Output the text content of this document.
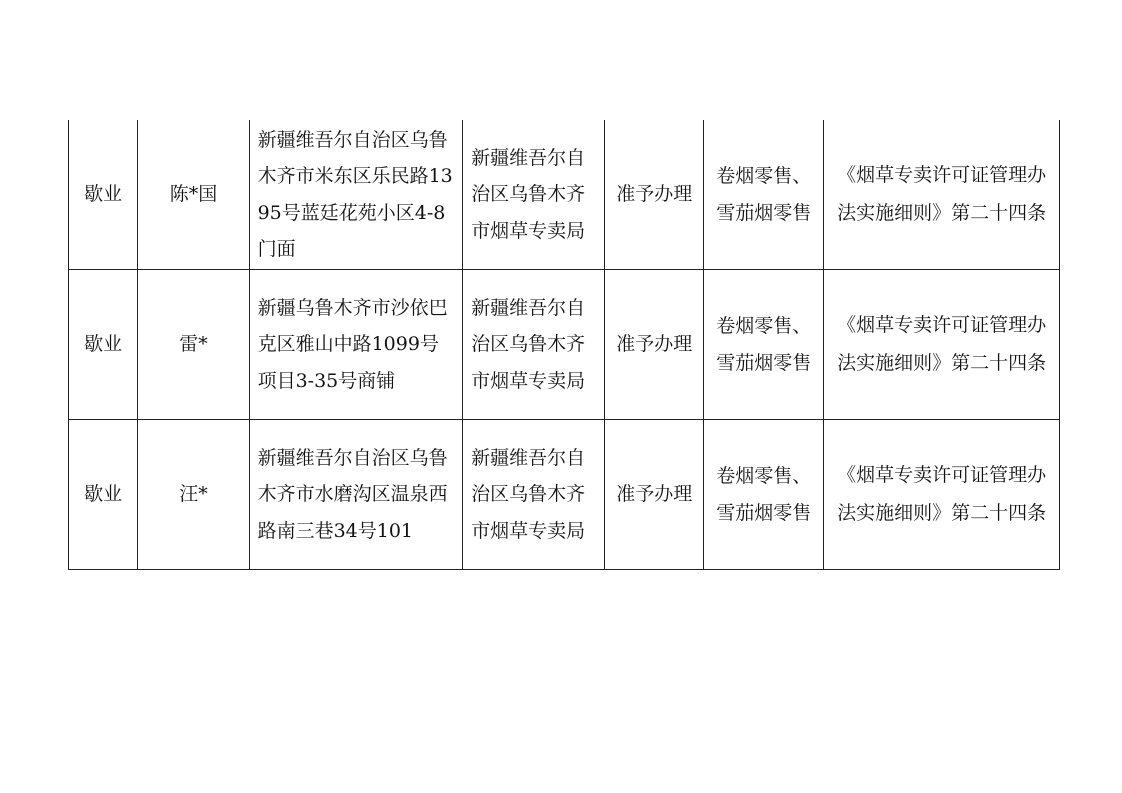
歇业	陈*国	新疆维吾尔自治区乌鲁木齐市米东区乐民路1395号蓝廷花苑小区4-8门面	新疆维吾尔自治区乌鲁木齐市烟草专卖局	准予办理	卷烟零售、雪茄烟零售	《烟草专卖许可证管理办法实施细则》第二十四条
歇业	雷*	新疆乌鲁木齐市沙依巴克区雅山中路1099号项目3-35号商铺	新疆维吾尔自治区乌鲁木齐市烟草专卖局	准予办理	卷烟零售、雪茄烟零售	《烟草专卖许可证管理办法实施细则》第二十四条
歇业	汪*	新疆维吾尔自治区乌鲁木齐市水磨沟区温泉西路南三巷34号101	新疆维吾尔自治区乌鲁木齐市烟草专卖局	准予办理	卷烟零售、雪茄烟零售	《烟草专卖许可证管理办法实施细则》第二十四条
